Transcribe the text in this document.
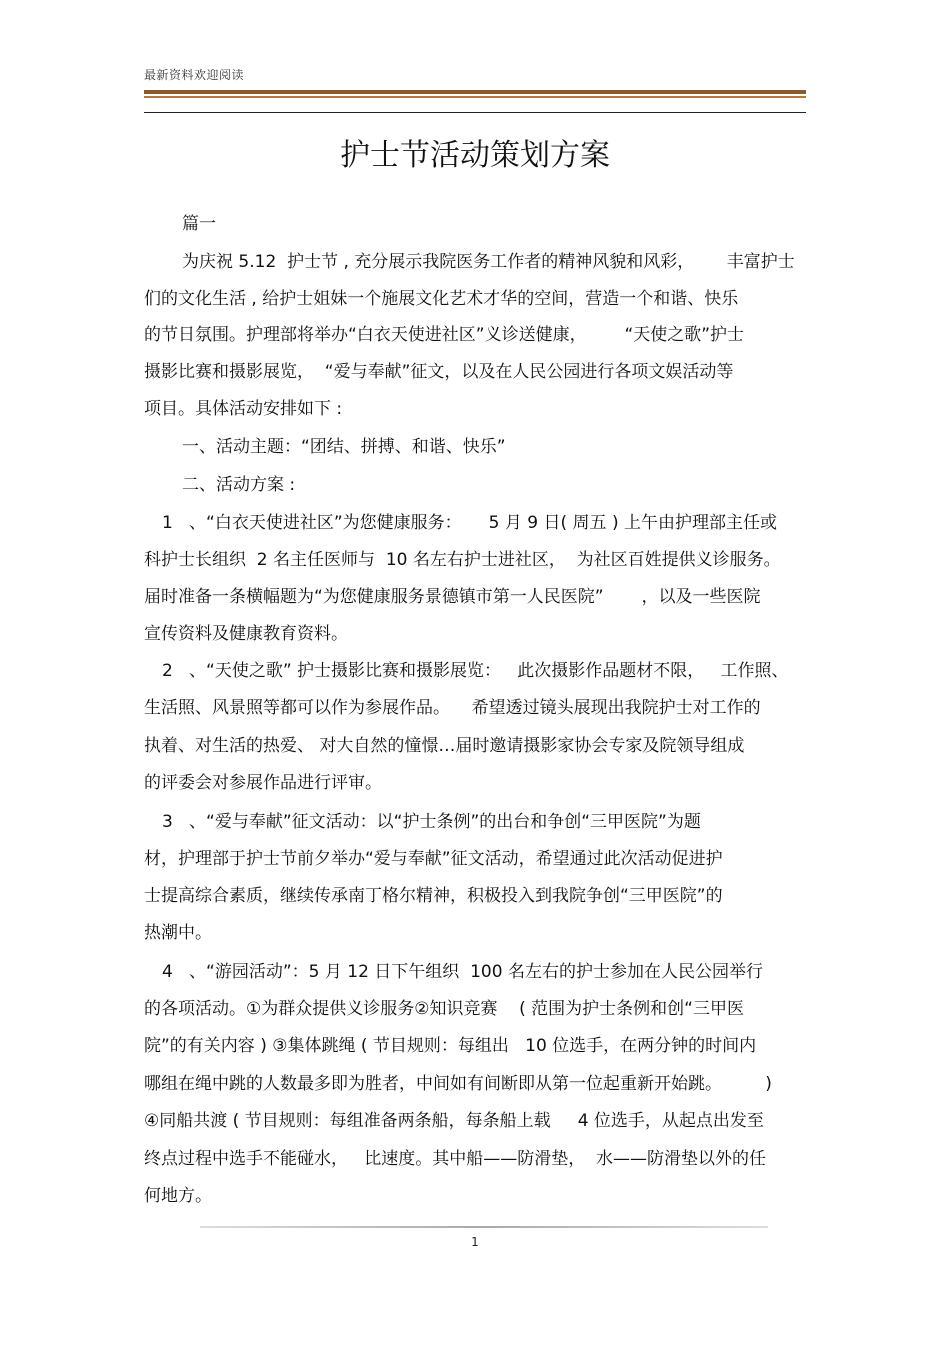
最新资料欢迎阅读
护士节活动策划方案
篇一
为庆祝 5.12  护士节 , 充分展示我院医务工作者的精神风貌和风彩，      丰富护士
们的文化生活 , 给护士姐妹一个施展文化艺术才华的空间，营造一个和谐、快乐
的节日氛围。护理部将举办“白衣天使进社区”义诊送健康，       “天使之歌”护士
摄影比赛和摄影展览，  “爱与奉献”征文，以及在人民公园进行各项文娱活动等
项目。具体活动安排如下 :
一、活动主题：“团结、拼搏、和谐、快乐”
二、活动方案 :
1   、“白衣天使进社区”为您健康服务：     5 月 9 日( 周五 ) 上午由护理部主任或
科护士长组织  2 名主任医师与  10 名左右护士进社区，  为社区百姓提供义诊服务。
届时准备一条横幅题为“为您健康服务景德镇市第一人民医院”       ，以及一些医院
宣传资料及健康教育资料。
2   、“天使之歌” 护士摄影比赛和摄影展览：   此次摄影作品题材不限，   工作照、
生活照、风景照等都可以作为参展作品。    希望透过镜头展现出我院护士对工作的
执着、对生活的热爱、 对大自然的憧憬…届时邀请摄影家协会专家及院领导组成
的评委会对参展作品进行评审。
3   、“爱与奉献”征文活动：以“护士条例”的出台和争创“三甲医院”为题
材，护理部于护士节前夕举办“爱与奉献”征文活动，希望通过此次活动促进护
士提高综合素质，继续传承南丁格尔精神，积极投入到我院争创“三甲医院”的
热潮中。
4   、“游园活动”：5 月 12 日下午组织  100 名左右的护士参加在人民公园举行
的各项活动。①为群众提供义诊服务②知识竞赛    ( 范围为护士条例和创“三甲医
院”的有关内容 ) ③集体跳绳 ( 节目规则：每组出   10 位选手，在两分钟的时间内
哪组在绳中跳的人数最多即为胜者，中间如有间断即从第一位起重新开始跳。        )
④同船共渡 ( 节目规则：每组准备两条船，每条船上载     4 位选手，从起点出发至
终点过程中选手不能碰水，   比速度。其中船——防滑垫，  水——防滑垫以外的任
何地方。
1
